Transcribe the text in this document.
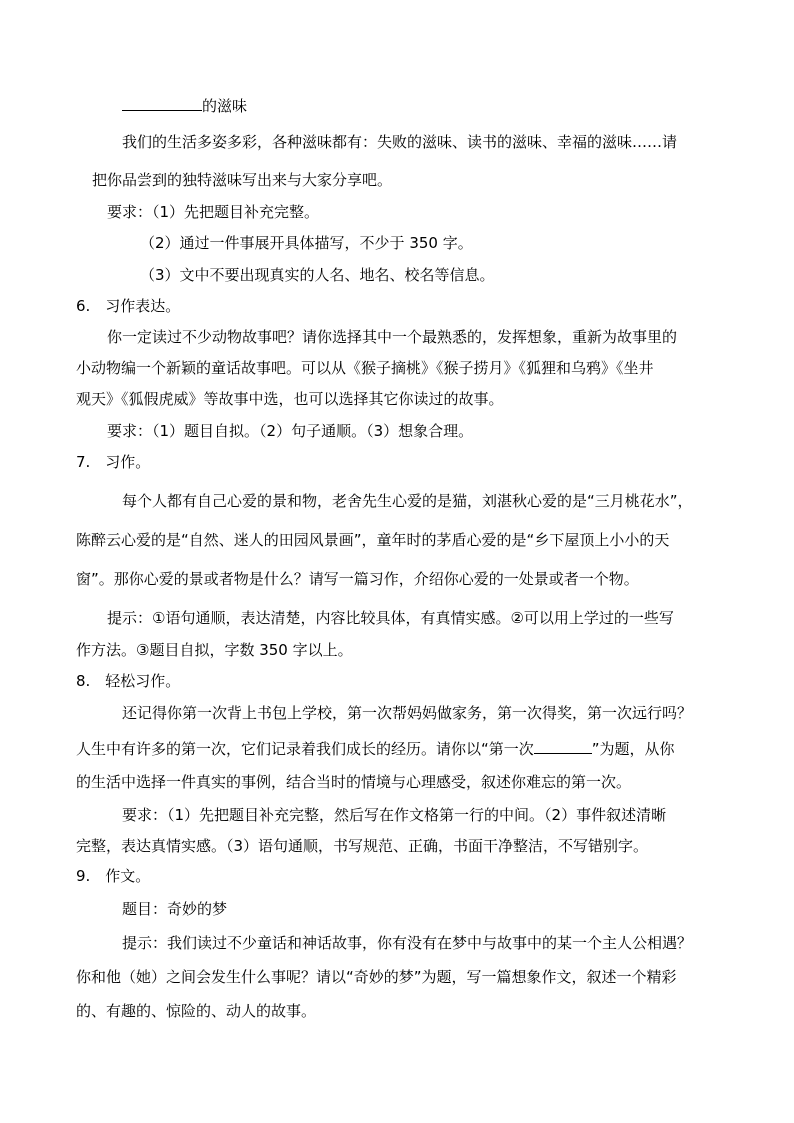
的滋味
我们的生活多姿多彩，各种滋味都有：失败的滋味、读书的滋味、幸福的滋味……请
把你品尝到的独特滋味写出来与大家分享吧。
要求：（1）先把题目补充完整。
（2）通过一件事展开具体描写，不少于 350 字。
（3）文中不要出现真实的人名、地名、校名等信息。
6.　习作表达。
你一定读过不少动物故事吧？请你选择其中一个最熟悉的，发挥想象，重新为故事里的
小动物编一个新颖的童话故事吧。可以从《猴子摘桃》《猴子捞月》《狐狸和乌鸦》《坐井
观天》《狐假虎威》等故事中选，也可以选择其它你读过的故事。
要求：（1）题目自拟。（2）句子通顺。（3）想象合理。
7.　习作。
每个人都有自己心爱的景和物，老舍先生心爱的是猫，刘湛秋心爱的是“三月桃花水”，
陈醉云心爱的是“自然、迷人的田园风景画”，童年时的茅盾心爱的是“乡下屋顶上小小的天
窗”。那你心爱的景或者物是什么？请写一篇习作，介绍你心爱的一处景或者一个物。
提示：①语句通顺，表达清楚，内容比较具体，有真情实感。②可以用上学过的一些写
作方法。③题目自拟，字数 350 字以上。
8.　轻松习作。
还记得你第一次背上书包上学校，第一次帮妈妈做家务，第一次得奖，第一次远行吗？
人生中有许多的第一次，它们记录着我们成长的经历。请你以“第一次	”为题，从你
的生活中选择一件真实的事例，结合当时的情境与心理感受，叙述你难忘的第一次。
要求：（1）先把题目补充完整，然后写在作文格第一行的中间。（2）事件叙述清晰
完整，表达真情实感。（3）语句通顺，书写规范、正确，书面干净整洁，不写错别字。
9.　作文。
题目：奇妙的梦
提示：我们读过不少童话和神话故事，你有没有在梦中与故事中的某一个主人公相遇？
你和他（她）之间会发生什么事呢？请以“奇妙的梦”为题，写一篇想象作文，叙述一个精彩
的、有趣的、惊险的、动人的故事。
